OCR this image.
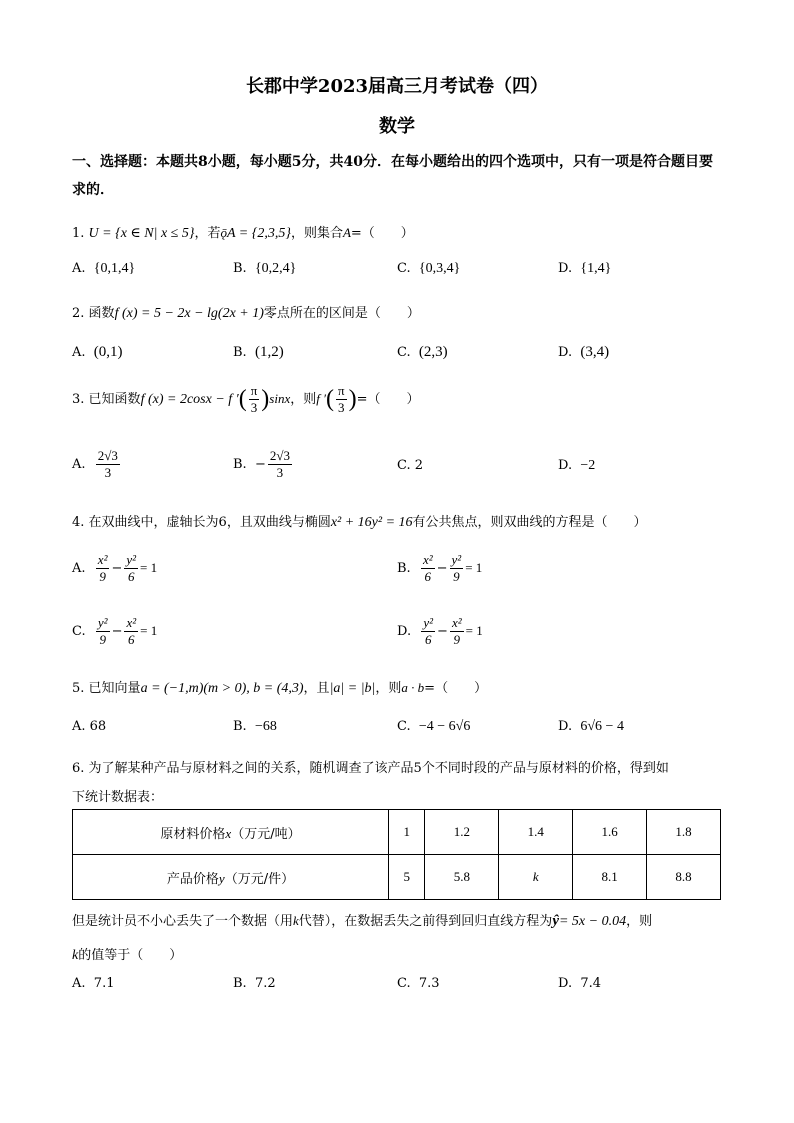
长郡中学2023届高三月考试卷（四）
数学
一、选择题：本题共8小题，每小题5分，共40分．在每小题给出的四个选项中，只有一项是符合题目要求的．
1. U = {x ∈ N| x ≤ 5}，若ǭA = {2,3,5}，则集合A=（　　）
A. {0,1,4}	B. {0,2,4}	C. {0,3,4}	D. {1,4}
2. 函数f (x) = 5 − 2x − lg(2x + 1)零点所在的区间是（　　）
A. (0,1)	B. (1,2)	C. (2,3)	D. (3,4)
3. 已知函数f (x) = 2cosx − f ′( $\frac{\pi}{3} )\sin x$，则f ′( $\frac{\pi}{3}$ )=（　　）
A. $\frac{2√3}{3}$	B. − $\frac{2√3}{3}$	C. 2	D. −2
4. 在双曲线中，虚轴长为6，且双曲线与椭圆x² + 16y² = 16有公共焦点，则双曲线的方程是（　　）
A. $\frac{\text{x²}}{9} - \frac{\text{y²}}{6} = 1$	B. $\frac{\text{x²}}{6} - \frac{\text{y²}}{9} = 1$
C. $\frac{\text{y²}}{9} - \frac{\text{x²}}{6} = 1$	D. $\frac{\text{y²}}{6} - \frac{\text{x²}}{9} = 1$
5. 已知向量a = (−1,m)(m > 0), b = (4,3)，且|a| = |b|，则a · b=（　　）
A. 68	B. −68	C. −4 − 6√6	D. 6√6 − 4
6. 为了解某种产品与原材料之间的关系，随机调查了该产品5个不同时段的产品与原材料的价格，得到如
下统计数据表：
原材料价格x（万元/吨）	1	1.2	1.4	1.6	1.8
产品价格y（万元/件）	5	5.8	k	8.1	8.8
但是统计员不小心丢失了一个数据（用k代替），在数据丢失之前得到回归直线方程为ŷ= 5x − 0.04，则
k的值等于（　　）
A. 7.1	B. 7.2	C. 7.3	D. 7.4
